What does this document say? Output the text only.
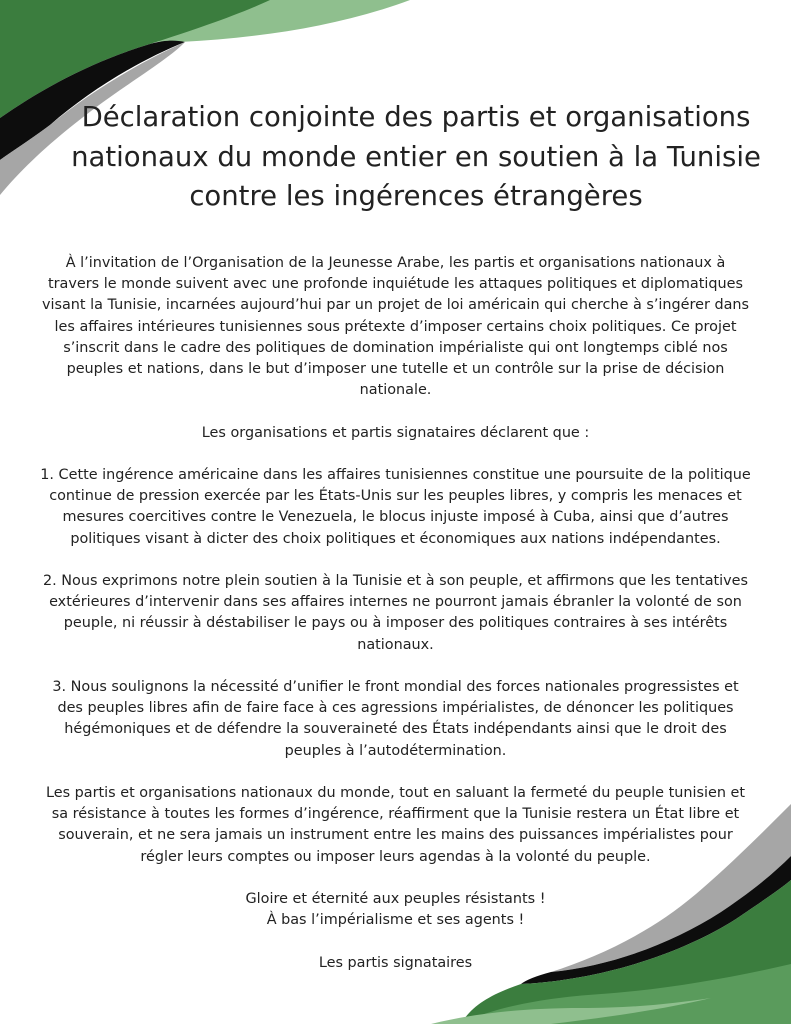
Déclaration conjointe des partis et organisations nationaux du monde entier en soutien à la Tunisie contre les ingérences étrangères

À l’invitation de l’Organisation de la Jeunesse Arabe, les partis et organisations nationaux à travers le monde suivent avec une profonde inquiétude les attaques politiques et diplomatiques visant la Tunisie, incarnées aujourd’hui par un projet de loi américain qui cherche à s’ingérer dans les affaires intérieures tunisiennes sous prétexte d’imposer certains choix politiques. Ce projet s’inscrit dans le cadre des politiques de domination impérialiste qui ont longtemps ciblé nos peuples et nations, dans le but d’imposer une tutelle et un contrôle sur la prise de décision nationale.

Les organisations et partis signataires déclarent que :

1. Cette ingérence américaine dans les affaires tunisiennes constitue une poursuite de la politique continue de pression exercée par les États-Unis sur les peuples libres, y compris les menaces et mesures coercitives contre le Venezuela, le blocus injuste imposé à Cuba, ainsi que d’autres politiques visant à dicter des choix politiques et économiques aux nations indépendantes.

2. Nous exprimons notre plein soutien à la Tunisie et à son peuple, et affirmons que les tentatives extérieures d’intervenir dans ses affaires internes ne pourront jamais ébranler la volonté de son peuple, ni réussir à déstabiliser le pays ou à imposer des politiques contraires à ses intérêts nationaux.

3. Nous soulignons la nécessité d’unifier le front mondial des forces nationales progressistes et des peuples libres afin de faire face à ces agressions impérialistes, de dénoncer les politiques hégémoniques et de défendre la souveraineté des États indépendants ainsi que le droit des peuples à l’autodétermination.

Les partis et organisations nationaux du monde, tout en saluant la fermeté du peuple tunisien et sa résistance à toutes les formes d’ingérence, réaffirment que la Tunisie restera un État libre et souverain, et ne sera jamais un instrument entre les mains des puissances impérialistes pour régler leurs comptes ou imposer leurs agendas à la volonté du peuple.

Gloire et éternité aux peuples résistants !

À bas l’impérialisme et ses agents !

Les partis signataires
